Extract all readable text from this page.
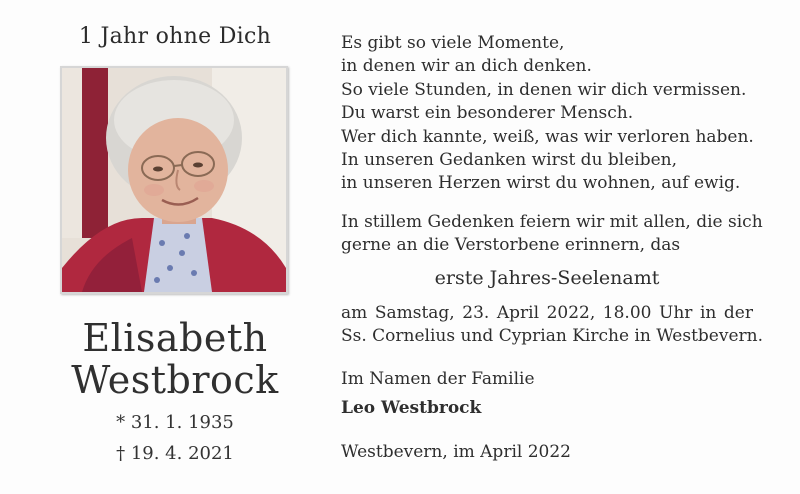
1 Jahr ohne Dich
Elisabeth
Westbrock
* 31. 1. 1935
† 19. 4. 2021
Es gibt so viele Momente,
in denen wir an dich denken.
So viele Stunden, in denen wir dich vermissen.
Du warst ein besonderer Mensch.
Wer dich kannte, weiß, was wir verloren haben.
In unseren Gedanken wirst du bleiben,
in unseren Herzen wirst du wohnen, auf ewig.
In stillem Gedenken feiern wir mit allen, die sich
gerne an die Verstorbene erinnern, das
erste Jahres-Seelenamt
am Samstag, 23. April 2022, 18.00 Uhr in der
Ss. Cornelius und Cyprian Kirche in Westbevern.
Im Namen der Familie
Leo Westbrock
Westbevern, im April 2022
